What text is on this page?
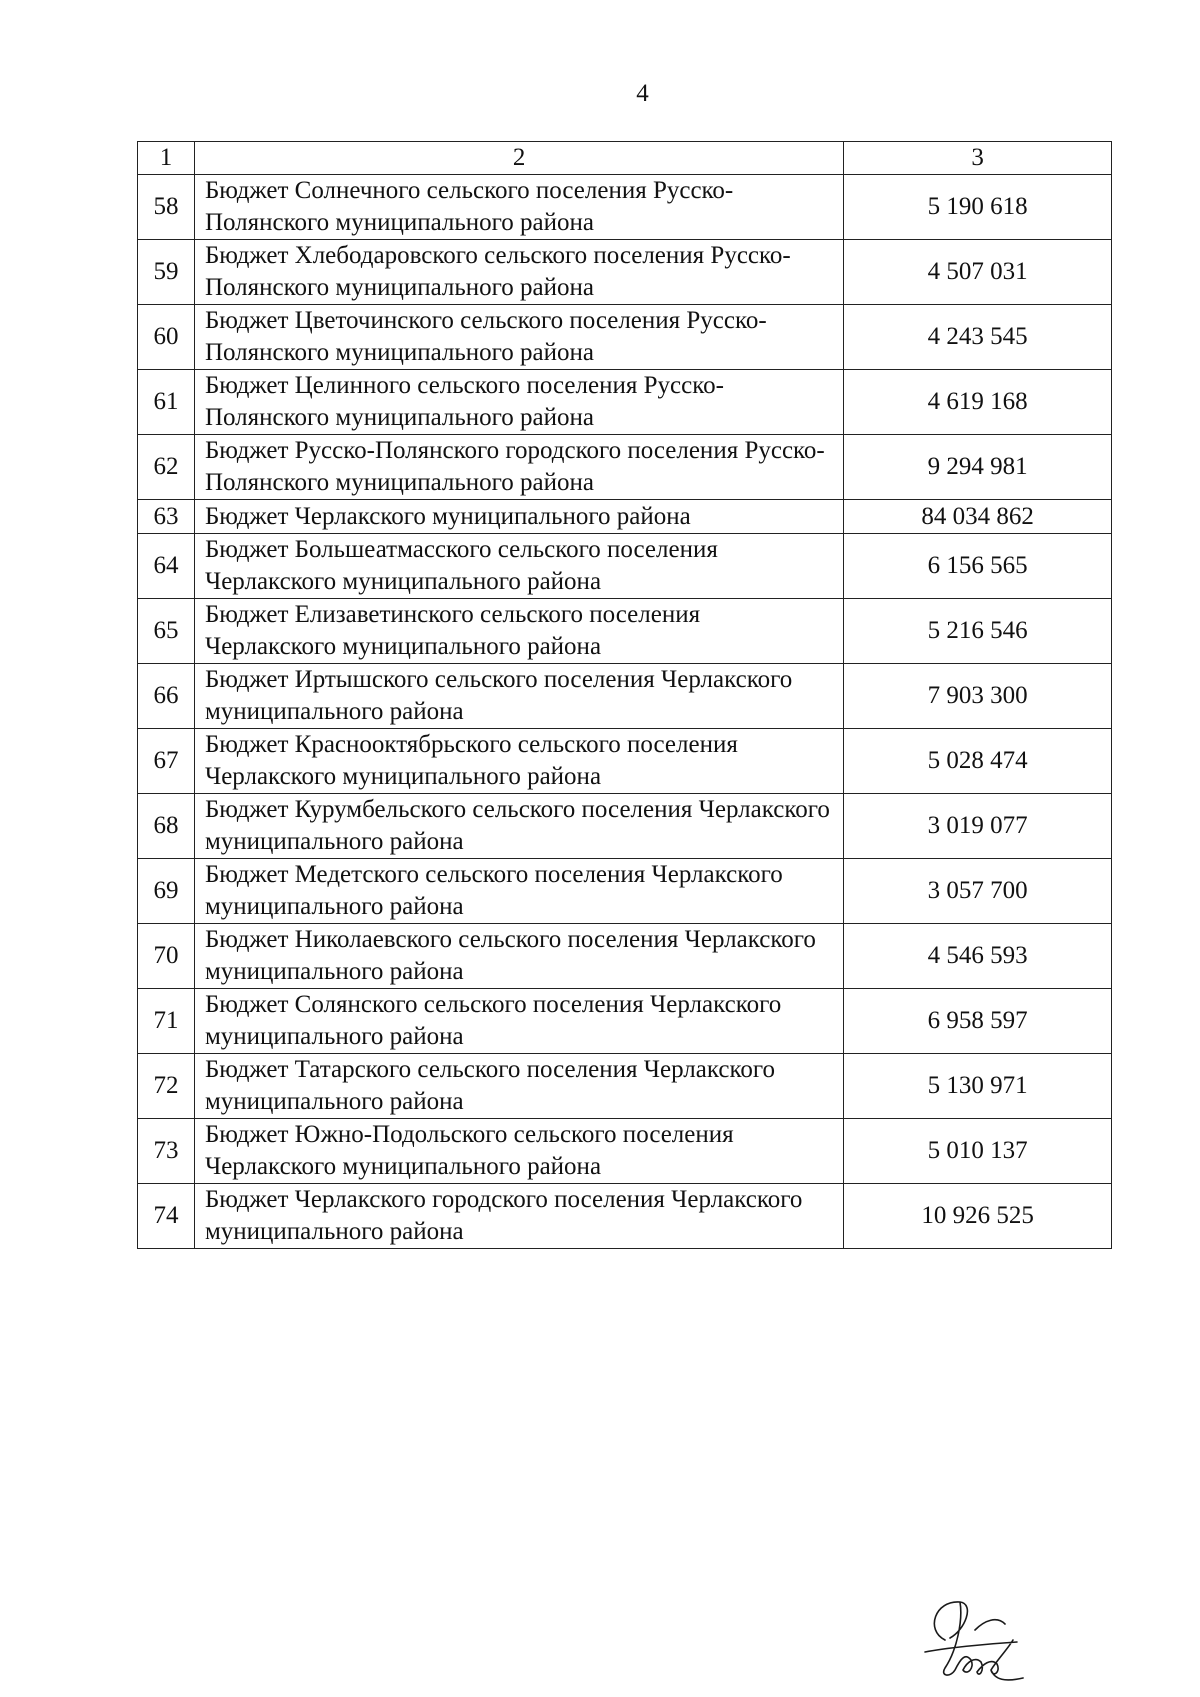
4
1	2	3
58	Бюджет Солнечного сельского поселения Русско-Полянского муниципального района	5 190 618
59	Бюджет Хлебодаровского сельского поселения Русско-Полянского муниципального района	4 507 031
60	Бюджет Цветочинского сельского поселения Русско-Полянского муниципального района	4 243 545
61	Бюджет Целинного сельского поселения Русско-Полянского муниципального района	4 619 168
62	Бюджет Русско-Полянского городского поселения Русско-Полянского муниципального района	9 294 981
63	Бюджет Черлакского муниципального района	84 034 862
64	Бюджет Большеатмасского сельского поселения Черлакского муниципального района	6 156 565
65	Бюджет Елизаветинского сельского поселения Черлакского муниципального района	5 216 546
66	Бюджет Иртышского сельского поселения Черлакского муниципального района	7 903 300
67	Бюджет Краснооктябрьского сельского поселения Черлакского муниципального района	5 028 474
68	Бюджет Курумбельского сельского поселения Черлакского муниципального района	3 019 077
69	Бюджет Медетского сельского поселения Черлакского муниципального района	3 057 700
70	Бюджет Николаевского сельского поселения Черлакского муниципального района	4 546 593
71	Бюджет Солянского сельского поселения Черлакского муниципального района	6 958 597
72	Бюджет Татарского сельского поселения Черлакского муниципального района	5 130 971
73	Бюджет Южно-Подольского сельского поселения Черлакского муниципального района	5 010 137
74	Бюджет Черлакского городского поселения Черлакского муниципального района	10 926 525
